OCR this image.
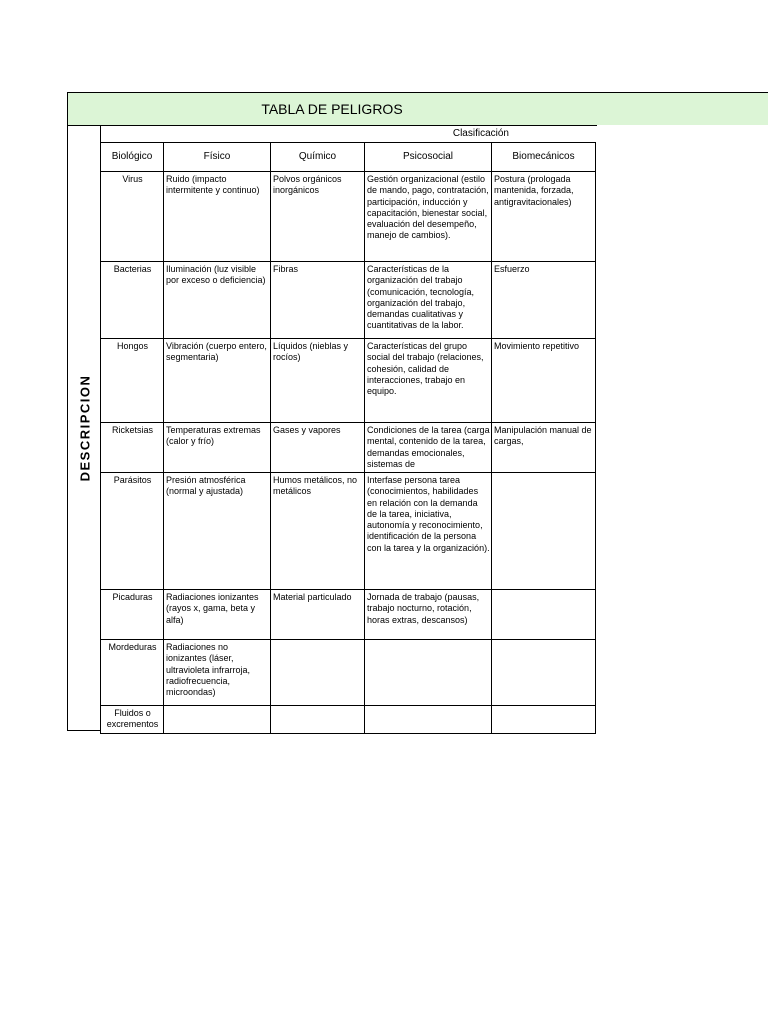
TABLA DE PELIGROS
DESCRIPCION
Clasificación
Biológico	Físico	Químico	Psicosocial	Biomecánicos

Virus	Ruido (impacto intermitente y continuo)	Polvos orgánicos inorgánicos	Gestión organizacional (estilo de mando, pago, contratación, participación, inducción y capacitación, bienestar social, evaluación del desempeño, manejo de cambios).	Postura (prologada mantenida, forzada, antigravitacionales)

Bacterias	Iluminación (luz visible por exceso o deficiencia)	Fibras	Características de la organización del trabajo (comunicación, tecnología, organización del trabajo, demandas cualitativas y cuantitativas de la labor.	Esfuerzo

Hongos	Vibración (cuerpo entero, segmentaria)	Líquidos (nieblas y rocíos)	Características del grupo social del trabajo (relaciones, cohesión, calidad de interacciones, trabajo en equipo.	Movimiento repetitivo

Ricketsias	Temperaturas extremas (calor y frío)	Gases y vapores	Condiciones de la tarea (carga mental, contenido de la tarea, demandas emocionales, sistemas de	Manipulación manual de cargas,

Parásitos	Presión atmosférica (normal y ajustada)	Humos metálicos, no metálicos	Interfase persona tarea (conocimientos, habilidades en relación con la demanda de la tarea, iniciativa, autonomía y reconocimiento, identificación de la persona con la tarea y la organización).	

Picaduras	Radiaciones ionizantes (rayos x, gama, beta y alfa)	Material particulado	Jornada de trabajo (pausas, trabajo nocturno, rotación, horas extras, descansos)	

Mordeduras	Radiaciones no ionizantes (láser, ultravioleta infrarroja, radiofrecuencia, microondas)			

Fluidos o excrementos				
